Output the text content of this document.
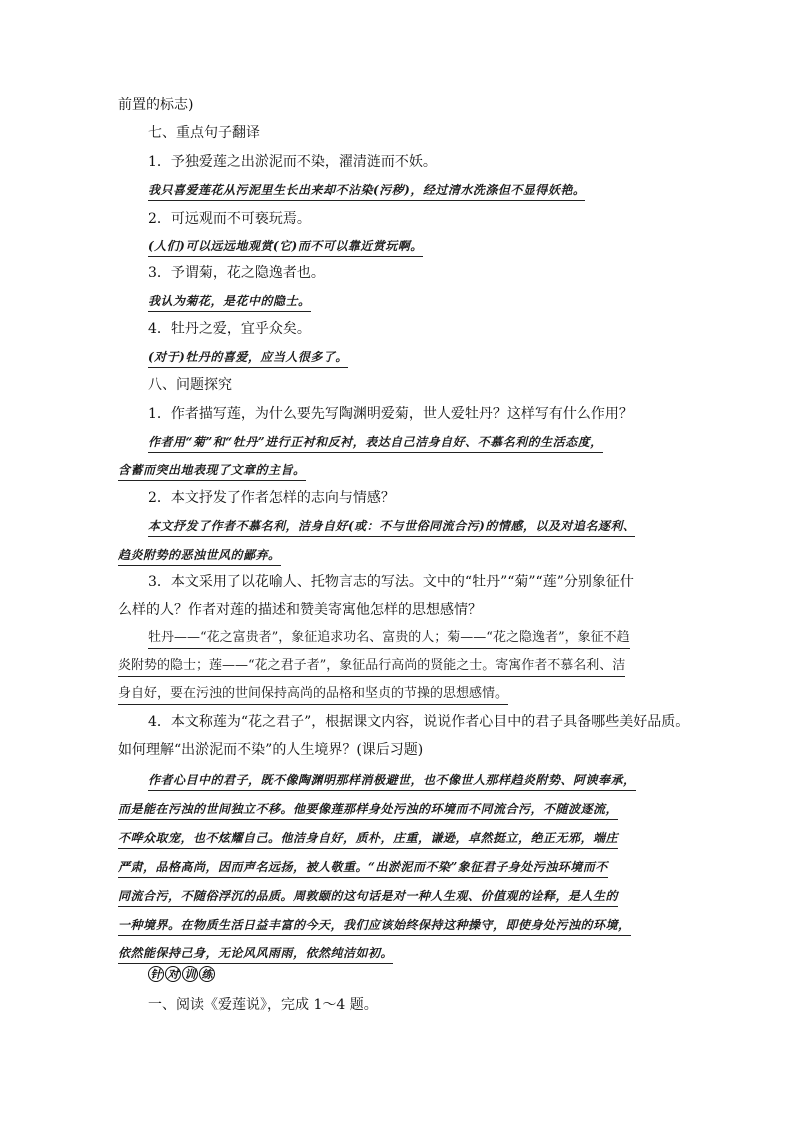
前置的标志)
七、重点句子翻译
1．予独爱莲之出淤泥而不染，濯清涟而不妖。
我只喜爱莲花从污泥里生长出来却不沾染(污秽)，经过清水洗涤但不显得妖艳。
2．可远观而不可亵玩焉。
(人们)可以远远地观赏(它)而不可以靠近赏玩啊。
3．予谓菊，花之隐逸者也。
我认为菊花，是花中的隐士。
4．牡丹之爱，宜乎众矣。
(对于)牡丹的喜爱，应当人很多了。
八、问题探究
1．作者描写莲，为什么要先写陶渊明爱菊，世人爱牡丹？这样写有什么作用？
作者用“菊”和“牡丹”进行正衬和反衬，表达自己洁身自好、不慕名利的生活态度，
含蓄而突出地表现了文章的主旨。
2．本文抒发了作者怎样的志向与情感？
本文抒发了作者不慕名利，洁身自好(或：不与世俗同流合污)的情感，以及对追名逐利、
趋炎附势的恶浊世风的鄙弃。
3．本文采用了以花喻人、托物言志的写法。文中的“牡丹”“菊”“莲”分别象征什
么样的人？作者对莲的描述和赞美寄寓他怎样的思想感情？
牡丹——“花之富贵者”，象征追求功名、富贵的人；菊——“花之隐逸者”，象征不趋
炎附势的隐士；莲——“花之君子者”，象征品行高尚的贤能之士。寄寓作者不慕名利、洁
身自好，要在污浊的世间保持高尚的品格和坚贞的节操的思想感情。
4．本文称莲为“花之君子”，根据课文内容，说说作者心目中的君子具备哪些美好品质。
如何理解“出淤泥而不染”的人生境界？(课后习题)
作者心目中的君子，既不像陶渊明那样消极避世，也不像世人那样趋炎附势、阿谀奉承，
而是能在污浊的世间独立不移。他要像莲那样身处污浊的环境而不同流合污，不随波逐流，
不哗众取宠，也不炫耀自己。他洁身自好，质朴，庄重，谦逊，卓然挺立，绝正无邪，端庄
严肃，品格高尚，因而声名远扬，被人敬重。“出淤泥而不染”象征君子身处污浊环境而不
同流合污，不随俗浮沉的品质。周敦颐的这句话是对一种人生观、价值观的诠释，是人生的
一种境界。在物质生活日益丰富的今天，我们应该始终保持这种操守，即使身处污浊的环境，
依然能保持己身，无论风风雨雨，依然纯洁如初。
针 对 训 练
一、阅读《爱莲说》，完成 1～4 题。
